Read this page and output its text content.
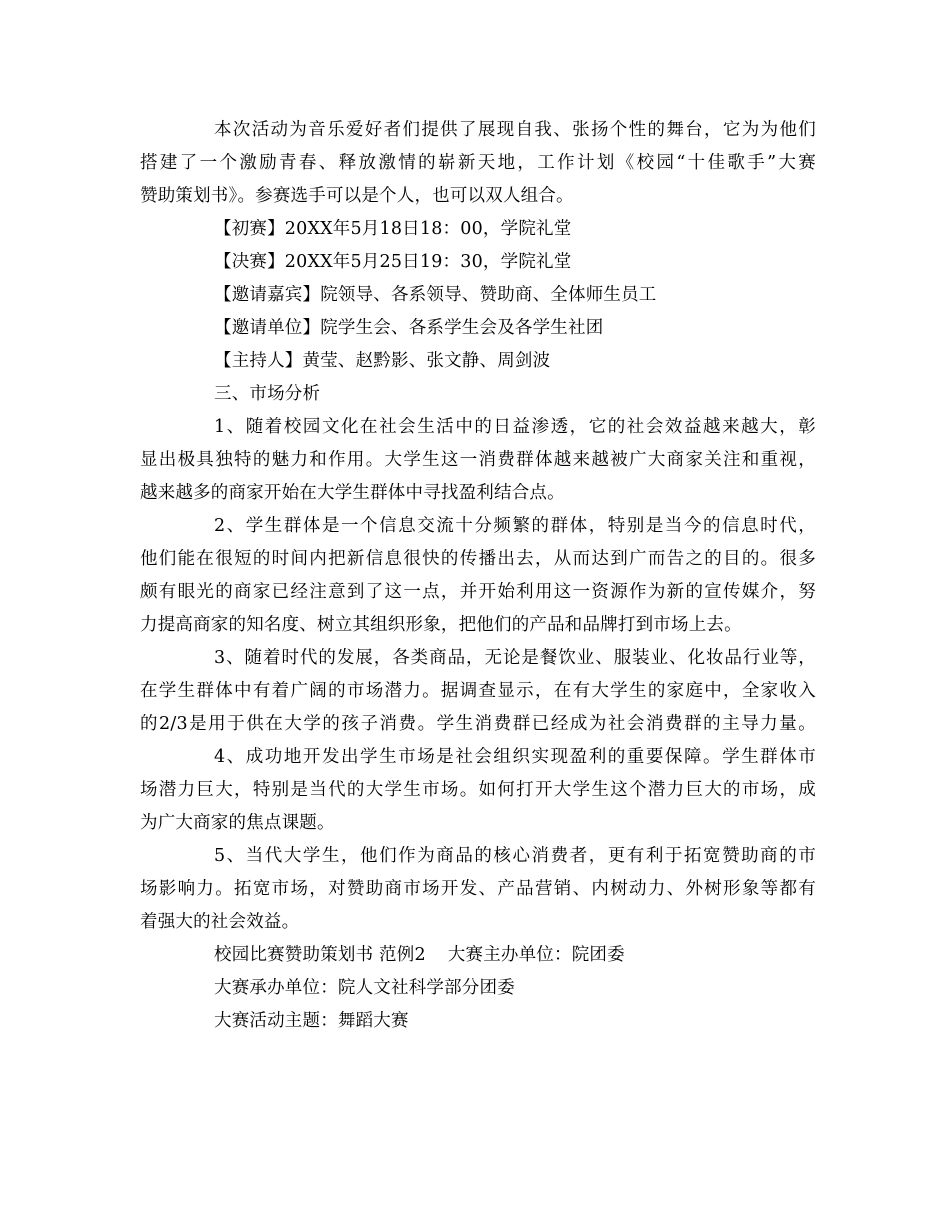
本次活动为音乐爱好者们提供了展现自我、张扬个性的舞台，它为为他们
搭建了一个激励青春、释放激情的崭新天地，工作计划《校园“十佳歌手”大赛
赞助策划书》。参赛选手可以是个人，也可以双人组合。
【初赛】20XX年5月18日18：00，学院礼堂
【决赛】20XX年5月25日19：30，学院礼堂
【邀请嘉宾】院领导、各系领导、赞助商、全体师生员工
【邀请单位】院学生会、各系学生会及各学生社团
【主持人】黄莹、赵黔影、张文静、周剑波
三、市场分析
1、随着校园文化在社会生活中的日益渗透，它的社会效益越来越大，彰
显出极具独特的魅力和作用。大学生这一消费群体越来越被广大商家关注和重视，
越来越多的商家开始在大学生群体中寻找盈利结合点。
2、学生群体是一个信息交流十分频繁的群体，特别是当今的信息时代，
他们能在很短的时间内把新信息很快的传播出去，从而达到广而告之的目的。很多
颇有眼光的商家已经注意到了这一点，并开始利用这一资源作为新的宣传媒介，努
力提高商家的知名度、树立其组织形象，把他们的产品和品牌打到市场上去。
3、随着时代的发展，各类商品，无论是餐饮业、服装业、化妆品行业等，
在学生群体中有着广阔的市场潜力。据调查显示，在有大学生的家庭中，全家收入
的2/3是用于供在大学的孩子消费。学生消费群已经成为社会消费群的主导力量。
4、成功地开发出学生市场是社会组织实现盈利的重要保障。学生群体市
场潜力巨大，特别是当代的大学生市场。如何打开大学生这个潜力巨大的市场，成
为广大商家的焦点课题。
5、当代大学生，他们作为商品的核心消费者，更有利于拓宽赞助商的市
场影响力。拓宽市场，对赞助商市场开发、产品营销、内树动力、外树形象等都有
着强大的社会效益。
校园比赛赞助策划书 范例2 大赛主办单位：院团委
大赛承办单位：院人文社科学部分团委
大赛活动主题：舞蹈大赛
